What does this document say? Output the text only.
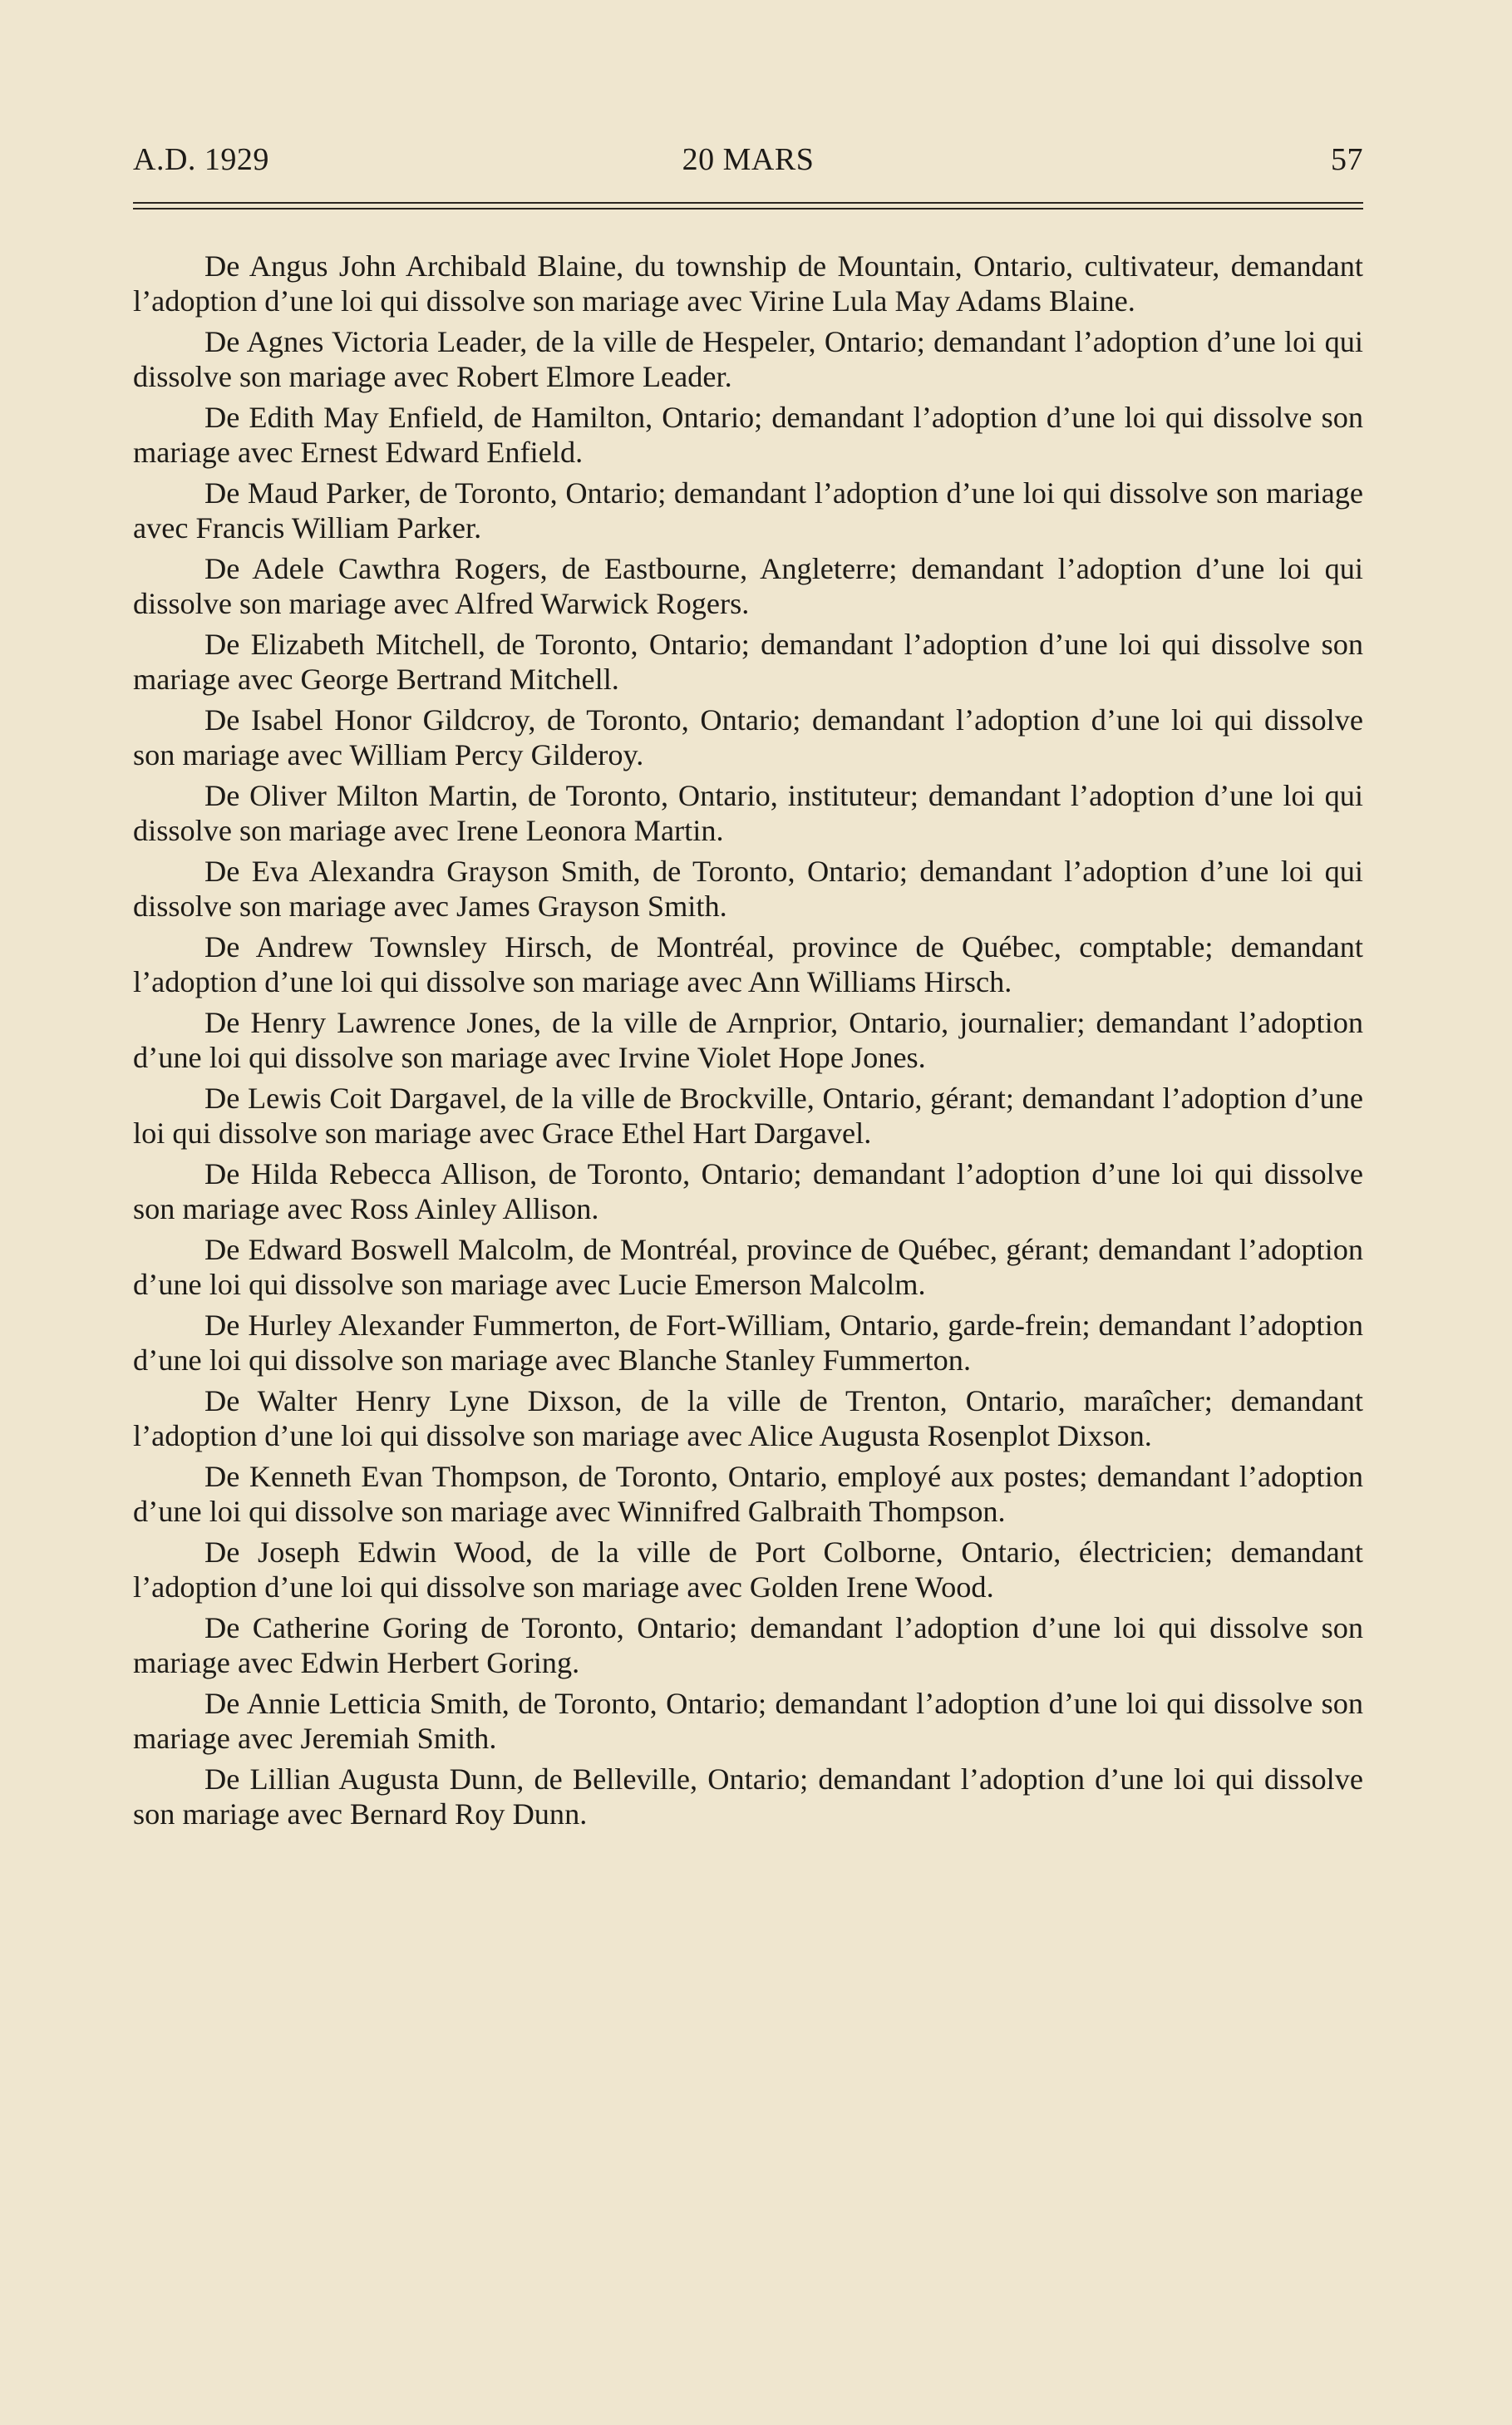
A.D. 1929	20 MARS	57

De Angus John Archibald Blaine, du township de Mountain, Ontario, cultivateur, demandant l’adoption d’une loi qui dissolve son mariage avec Virine Lula May Adams Blaine.

De Agnes Victoria Leader, de la ville de Hespeler, Ontario; demandant l’adoption d’une loi qui dissolve son mariage avec Robert Elmore Leader.

De Edith May Enfield, de Hamilton, Ontario; demandant l’adoption d’une loi qui dissolve son mariage avec Ernest Edward Enfield.

De Maud Parker, de Toronto, Ontario; demandant l’adoption d’une loi qui dissolve son mariage avec Francis William Parker.

De Adele Cawthra Rogers, de Eastbourne, Angleterre; demandant l’adoption d’une loi qui dissolve son mariage avec Alfred Warwick Rogers.

De Elizabeth Mitchell, de Toronto, Ontario; demandant l’adoption d’une loi qui dissolve son mariage avec George Bertrand Mitchell.

De Isabel Honor Gildcroy, de Toronto, Ontario; demandant l’adoption d’une loi qui dissolve son mariage avec William Percy Gilderoy.

De Oliver Milton Martin, de Toronto, Ontario, instituteur; demandant l’adoption d’une loi qui dissolve son mariage avec Irene Leonora Martin.

De Eva Alexandra Grayson Smith, de Toronto, Ontario; demandant l’adoption d’une loi qui dissolve son mariage avec James Grayson Smith.

De Andrew Townsley Hirsch, de Montréal, province de Québec, comptable; demandant l’adoption d’une loi qui dissolve son mariage avec Ann Williams Hirsch.

De Henry Lawrence Jones, de la ville de Arnprior, Ontario, journalier; demandant l’adoption d’une loi qui dissolve son mariage avec Irvine Violet Hope Jones.

De Lewis Coit Dargavel, de la ville de Brockville, Ontario, gérant; demandant l’adoption d’une loi qui dissolve son mariage avec Grace Ethel Hart Dargavel.

De Hilda Rebecca Allison, de Toronto, Ontario; demandant l’adoption d’une loi qui dissolve son mariage avec Ross Ainley Allison.

De Edward Boswell Malcolm, de Montréal, province de Québec, gérant; demandant l’adoption d’une loi qui dissolve son mariage avec Lucie Emerson Malcolm.

De Hurley Alexander Fummerton, de Fort-William, Ontario, garde-frein; demandant l’adoption d’une loi qui dissolve son mariage avec Blanche Stanley Fummerton.

De Walter Henry Lyne Dixson, de la ville de Trenton, Ontario, maraîcher; demandant l’adoption d’une loi qui dissolve son mariage avec Alice Augusta Rosenplot Dixson.

De Kenneth Evan Thompson, de Toronto, Ontario, employé aux postes; demandant l’adoption d’une loi qui dissolve son mariage avec Winnifred Galbraith Thompson.

De Joseph Edwin Wood, de la ville de Port Colborne, Ontario, électricien; demandant l’adoption d’une loi qui dissolve son mariage avec Golden Irene Wood.

De Catherine Goring de Toronto, Ontario; demandant l’adoption d’une loi qui dissolve son mariage avec Edwin Herbert Goring.

De Annie Letticia Smith, de Toronto, Ontario; demandant l’adoption d’une loi qui dissolve son mariage avec Jeremiah Smith.

De Lillian Augusta Dunn, de Belleville, Ontario; demandant l’adoption d’une loi qui dissolve son mariage avec Bernard Roy Dunn.
